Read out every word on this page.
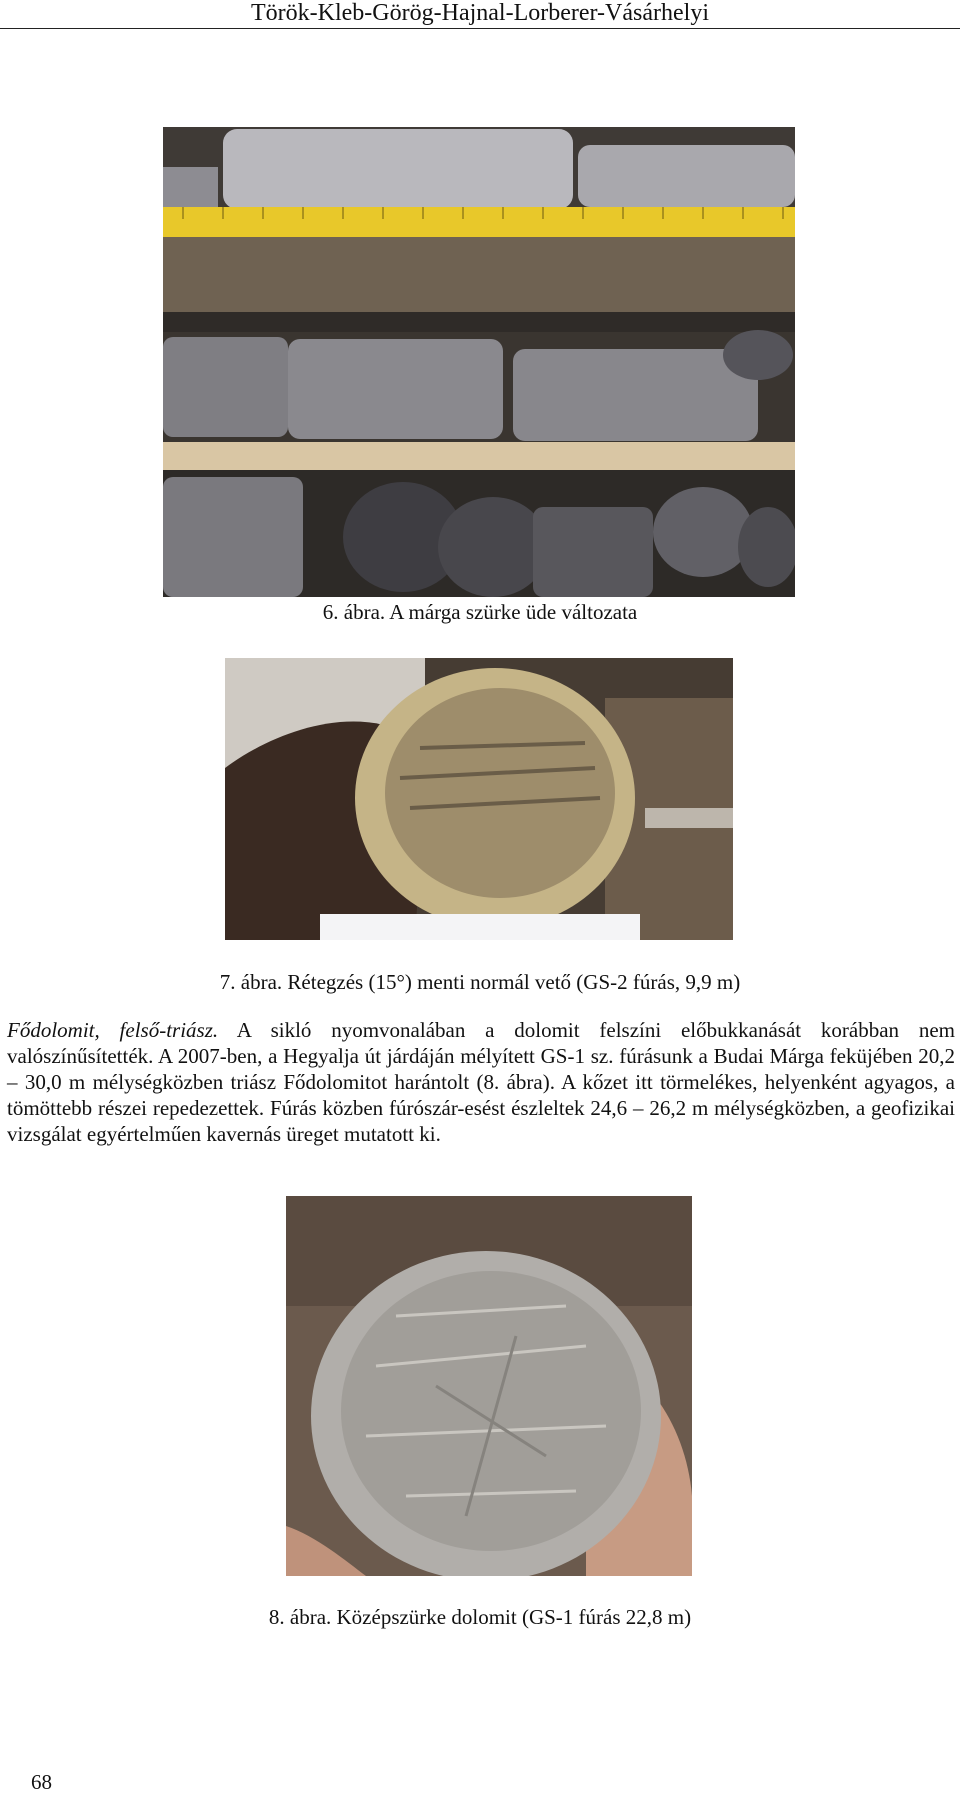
Török-Kleb-Görög-Hajnal-Lorberer-Vásárhelyi
6. ábra. A márga szürke üde változata
7. ábra. Rétegzés (15°) menti normál vető (GS-2 fúrás, 9,9 m)

Fődolomit, felső-triász. A sikló nyomvonalában a dolomit felszíni előbukkanását korábban nem valószínűsítették. A 2007-ben, a Hegyalja út járdáján mélyített GS-1 sz. fúrásunk a Budai Márga feküjében 20,2 – 30,0 m mélységközben triász Fődolomitot harántolt (8. ábra). A kőzet itt törmelékes, helyenként agyagos, a tömöttebb részei repedezettek. Fúrás közben fúrószár-esést észleltek 24,6 – 26,2 m mélységközben, a geofizikai vizsgálat egyértelműen kavernás üreget mutatott ki.

8. ábra. Középszürke dolomit (GS-1 fúrás 22,8 m)
68
